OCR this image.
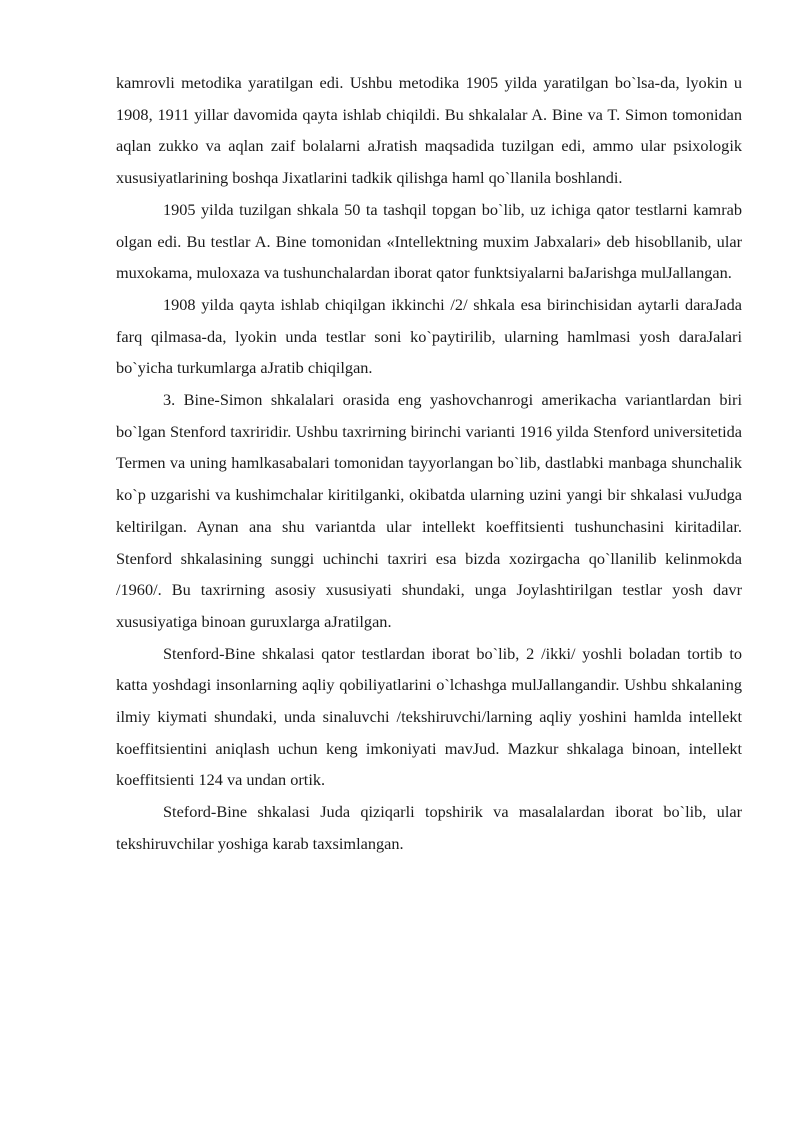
kamrovli metodika yaratilgan edi. Ushbu metodika 1905 yilda yaratilgan bo`lsa-da, lyokin u 1908, 1911 yillar davomida qayta ishlab chiqildi. Bu shkalalar A. Bine va T. Simon tomonidan aqlan zukko va aqlan zaif bolalarni aJratish maqsadida tuzilgan edi, ammo ular psixologik xususiyatlarining boshqa Jixatlarini tadkik qilishga haml qo`llanila boshlandi.

1905 yilda tuzilgan shkala 50 ta tashqil topgan bo`lib, uz ichiga qator testlarni kamrab olgan edi. Bu testlar A. Bine tomonidan «Intellektning muxim Jabxalari» deb hisobllanib, ular muxokama, muloxaza va tushunchalardan iborat qator funktsiyalarni baJarishga mulJallangan.

1908 yilda qayta ishlab chiqilgan ikkinchi /2/ shkala esa birinchisidan aytarli daraJada farq qilmasa-da, lyokin unda testlar soni ko`paytirilib, ularning hamlmasi yosh daraJalari bo`yicha turkumlarga aJratib chiqilgan.

3. Bine-Simon shkalalari orasida eng yashovchanrogi amerikacha variantlardan biri bo`lgan Stenford taxriridir. Ushbu taxrirning birinchi varianti 1916 yilda Stenford universitetida Termen va uning hamlkasabalari tomonidan tayyorlangan bo`lib, dastlabki manbaga shunchalik ko`p uzgarishi va kushimchalar kiritilganki, okibatda ularning uzini yangi bir shkalasi vuJudga keltirilgan. Aynan ana shu variantda ular intellekt koeffitsienti tushunchasini kiritadilar. Stenford shkalasining sunggi uchinchi taxriri esa bizda xozirgacha qo`llanilib kelinmokda /1960/. Bu taxrirning asosiy xususiyati shundaki, unga Joylashtirilgan testlar yosh davr xususiyatiga binoan guruxlarga aJratilgan.

Stenford-Bine shkalasi qator testlardan iborat bo`lib, 2 /ikki/ yoshli boladan tortib to katta yoshdagi insonlarning aqliy qobiliyatlarini o`lchashga mulJallangandir. Ushbu shkalaning ilmiy kiymati shundaki, unda sinaluvchi /tekshiruvchi/larning aqliy yoshini hamlda intellekt koeffitsientini aniqlash uchun keng imkoniyati mavJud. Mazkur shkalaga binoan, intellekt koeffitsienti 124 va undan ortik.

Steford-Bine shkalasi Juda qiziqarli topshirik va masalalardan iborat bo`lib, ular tekshiruvchilar yoshiga karab taxsimlangan.
